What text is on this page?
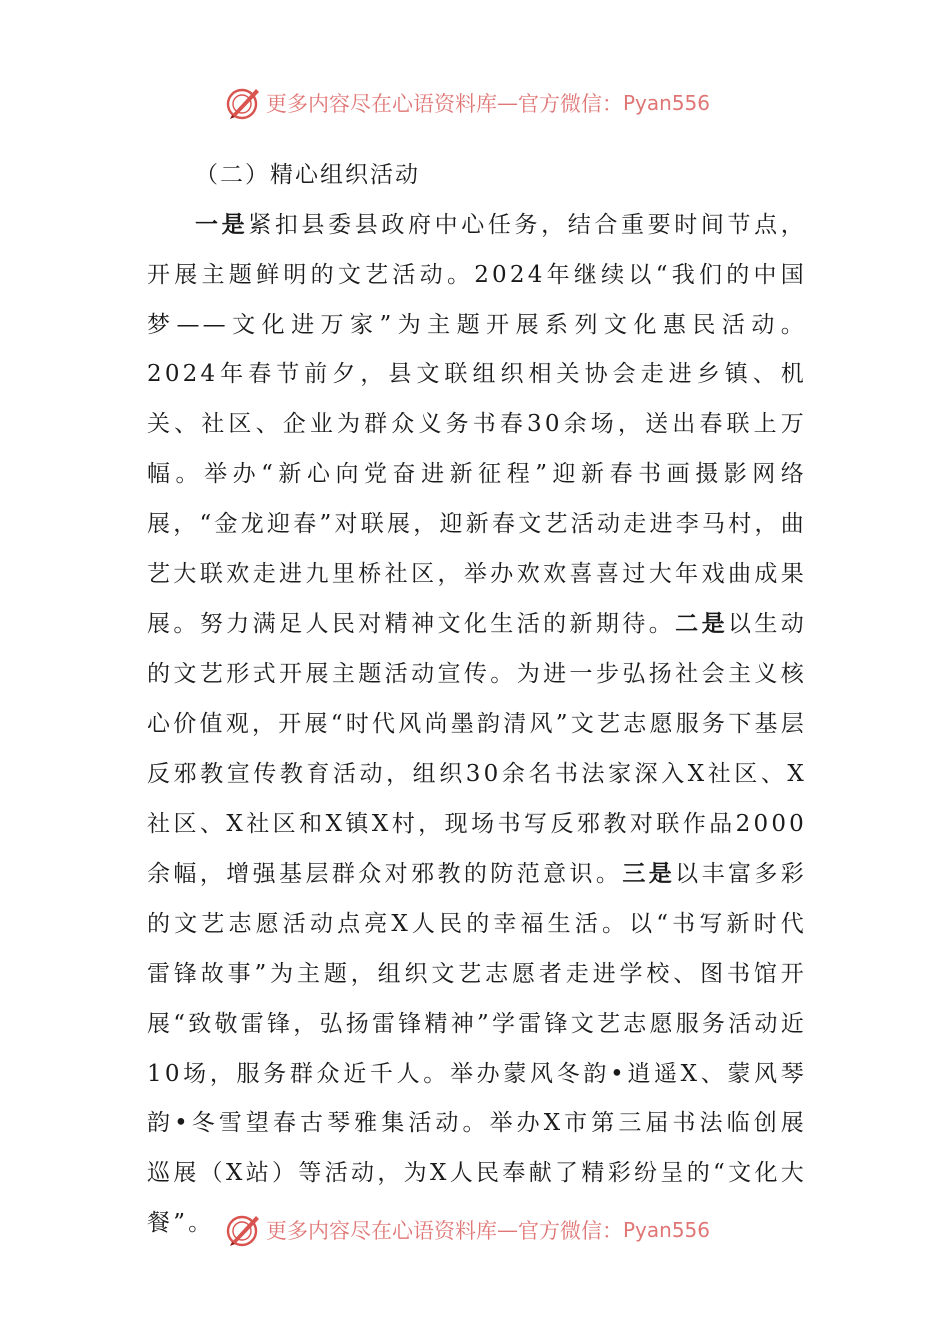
更多内容尽在心语资料库 — 官方微信： Pyan556

（二）精心组织活动

一是紧扣县委县政府中心任务，结合重要时间节点，开展主题鲜明的文艺活动。2024年继续以“我们的中国梦——文化进万家”为主题开展系列文化惠民活动。2024年春节前夕，县文联组织相关协会走进乡镇、机关、社区、企业为群众义务书春30余场，送出春联上万幅。举办“新心向党奋进新征程”迎新春书画摄影网络展，“金龙迎春”对联展，迎新春文艺活动走进李马村，曲艺大联欢走进九里桥社区，举办欢欢喜喜过大年戏曲成果展。努力满足人民对精神文化生活的新期待。二是以生动的文艺形式开展主题活动宣传。为进一步弘扬社会主义核心价值观，开展“时代风尚墨韵清风”文艺志愿服务下基层反邪教宣传教育活动，组织30余名书法家深入X社区、X社区、X社区和X镇X村，现场书写反邪教对联作品2000余幅，增强基层群众对邪教的防范意识。三是以丰富多彩的文艺志愿活动点亮X人民的幸福生活。以“书写新时代雷锋故事”为主题，组织文艺志愿者走进学校、图书馆开展“致敬雷锋，弘扬雷锋精神”学雷锋文艺志愿服务活动近10场，服务群众近千人。举办蒙风冬韵•逍遥X、蒙风琴韵•冬雪望春古琴雅集活动。举办X市第三届书法临创展巡展（X站）等活动，为X人民奉献了精彩纷呈的“文化大餐”。	更多内容尽在心语资料库 — 官方微信： Pyan556
